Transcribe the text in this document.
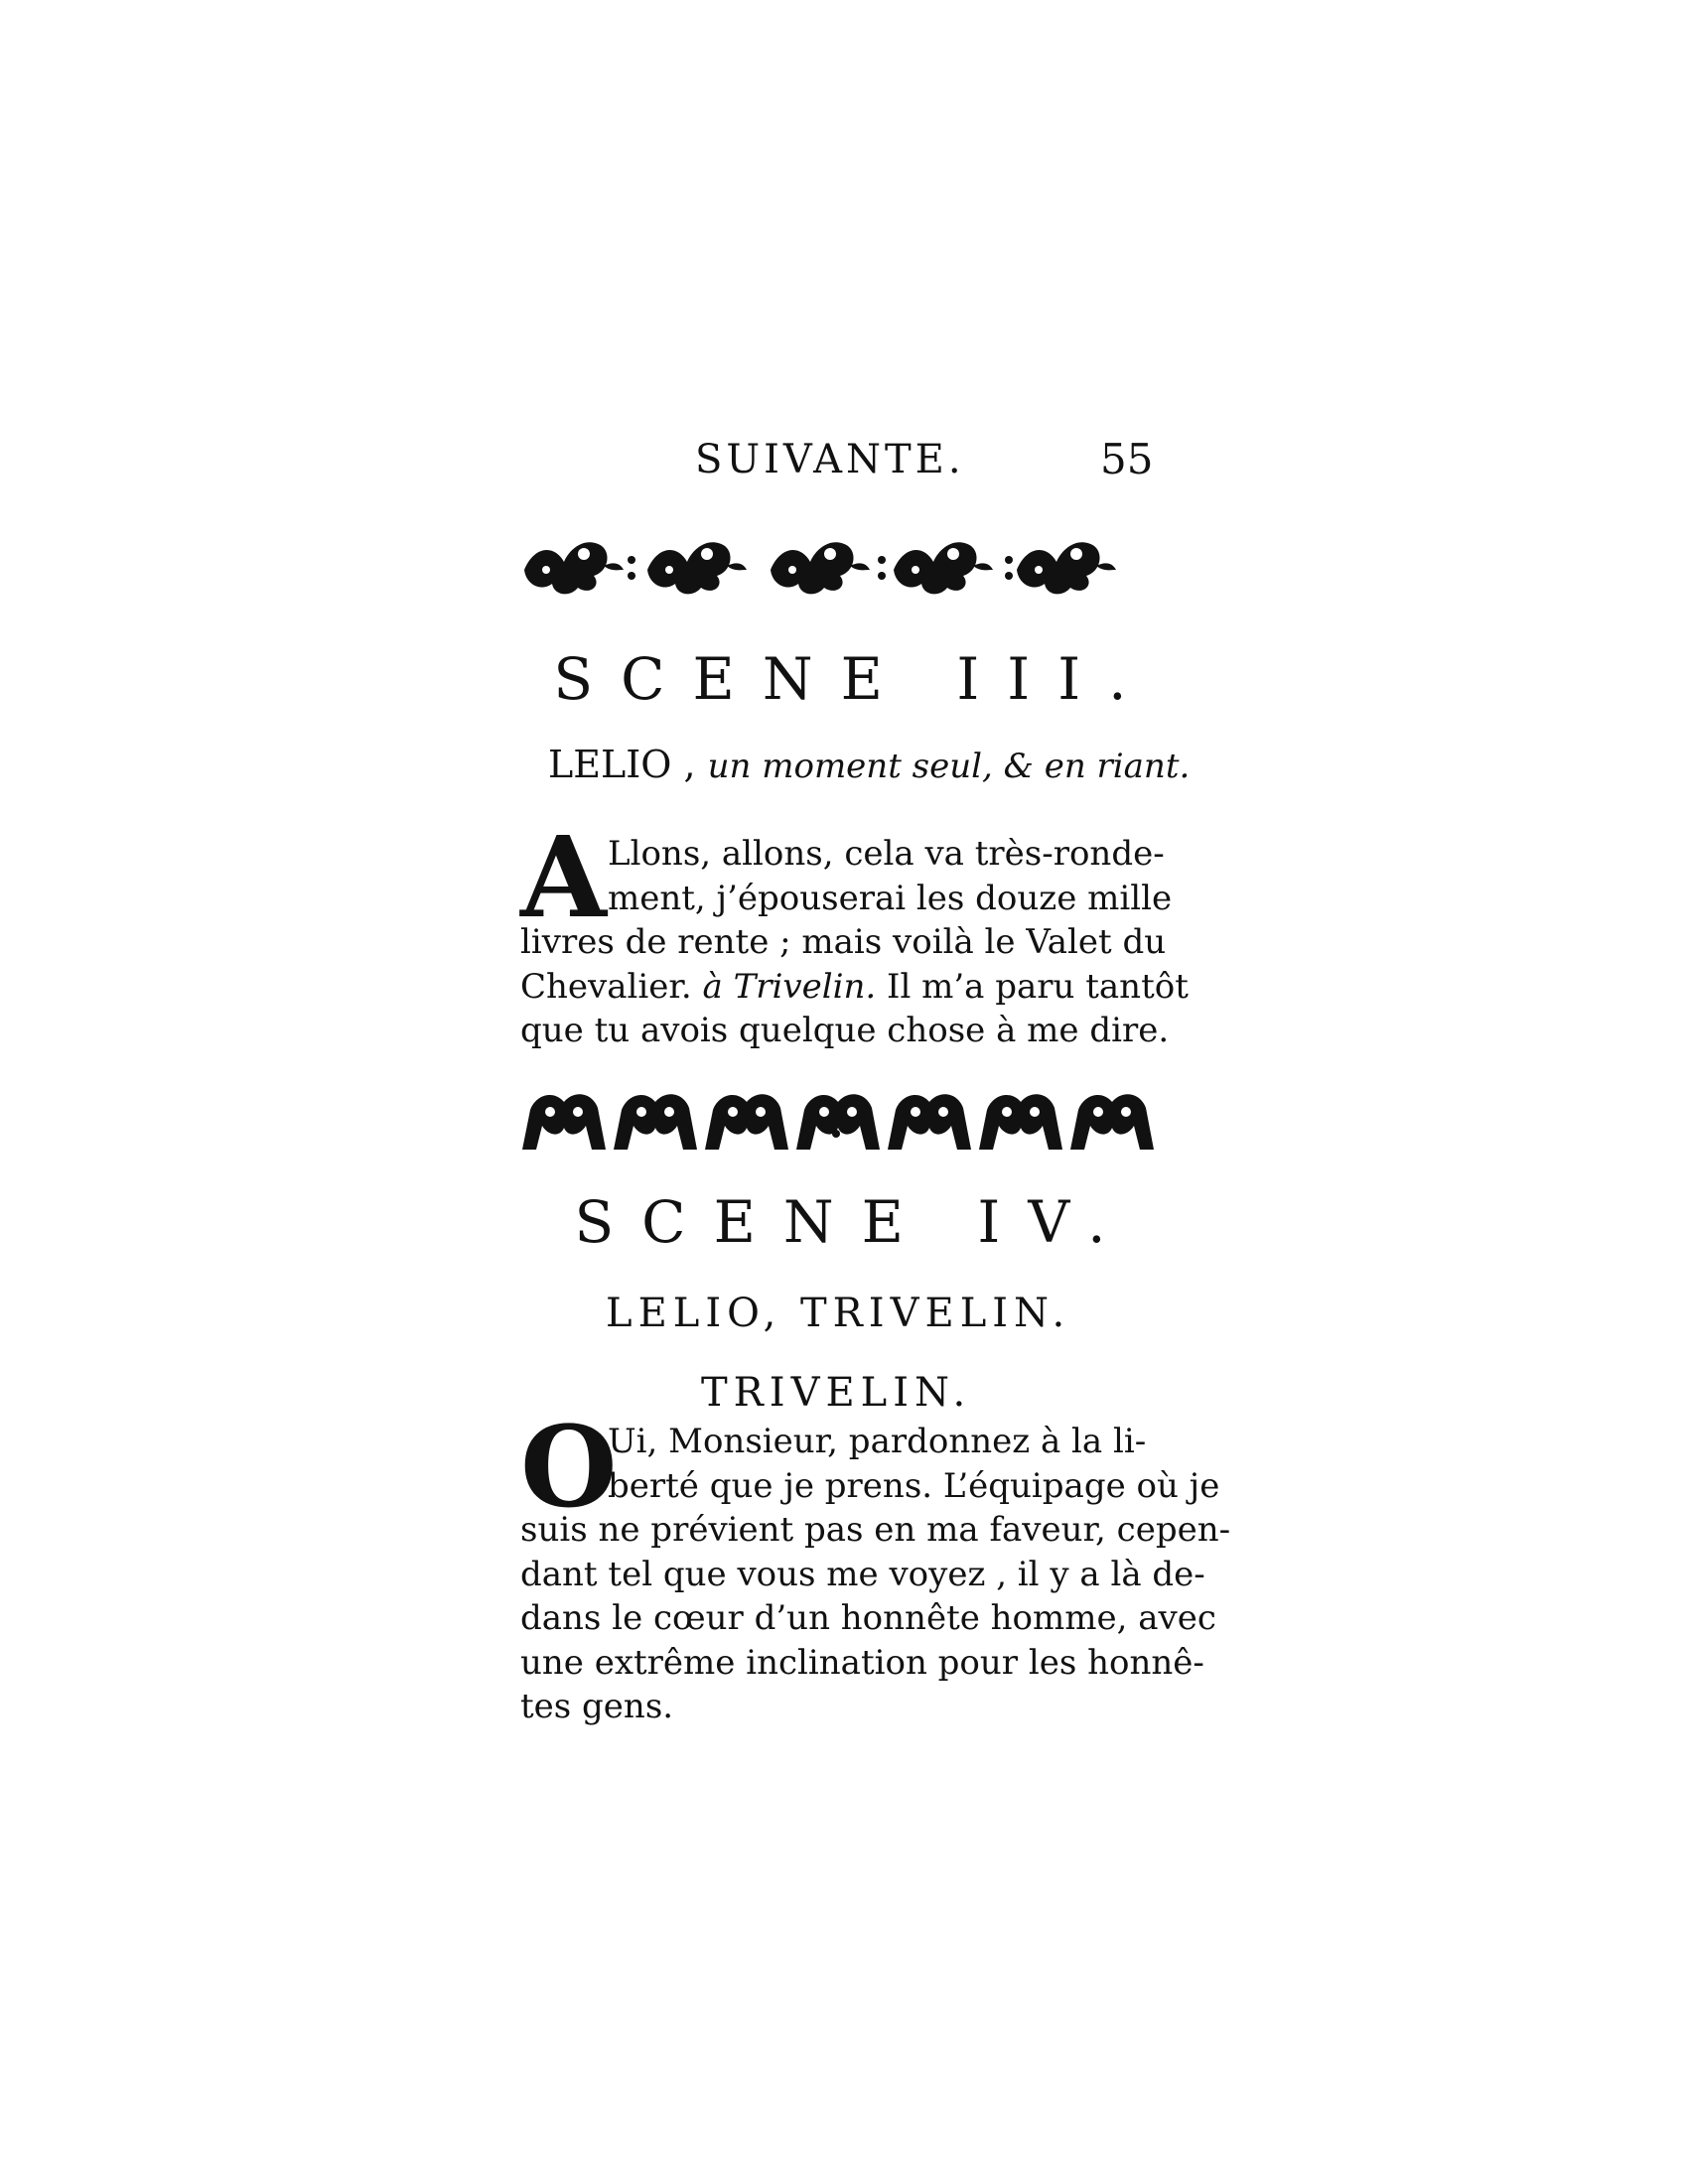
SUIVANTE.	55
SCENE III.
LELIO , un moment seul, & en riant.
A Llons, allons, cela va très-ronde-
ment, j’épouserai les douze mille
livres de rente ; mais voilà le Valet du
Chevalier. à Trivelin. Il m’a paru tantôt
que tu avois quelque chose à me dire.
SCENE IV.
LELIO, TRIVELIN.
TRIVELIN.
O
Ui, Monsieur, pardonnez à la li-
berté que je prens. L’équipage où je
suis ne prévient pas en ma faveur, cepen-
dant tel que vous me voyez , il y a là de-
dans le cœur d’un honnête homme, avec
une extrême inclination pour les honnê-
tes gens.
